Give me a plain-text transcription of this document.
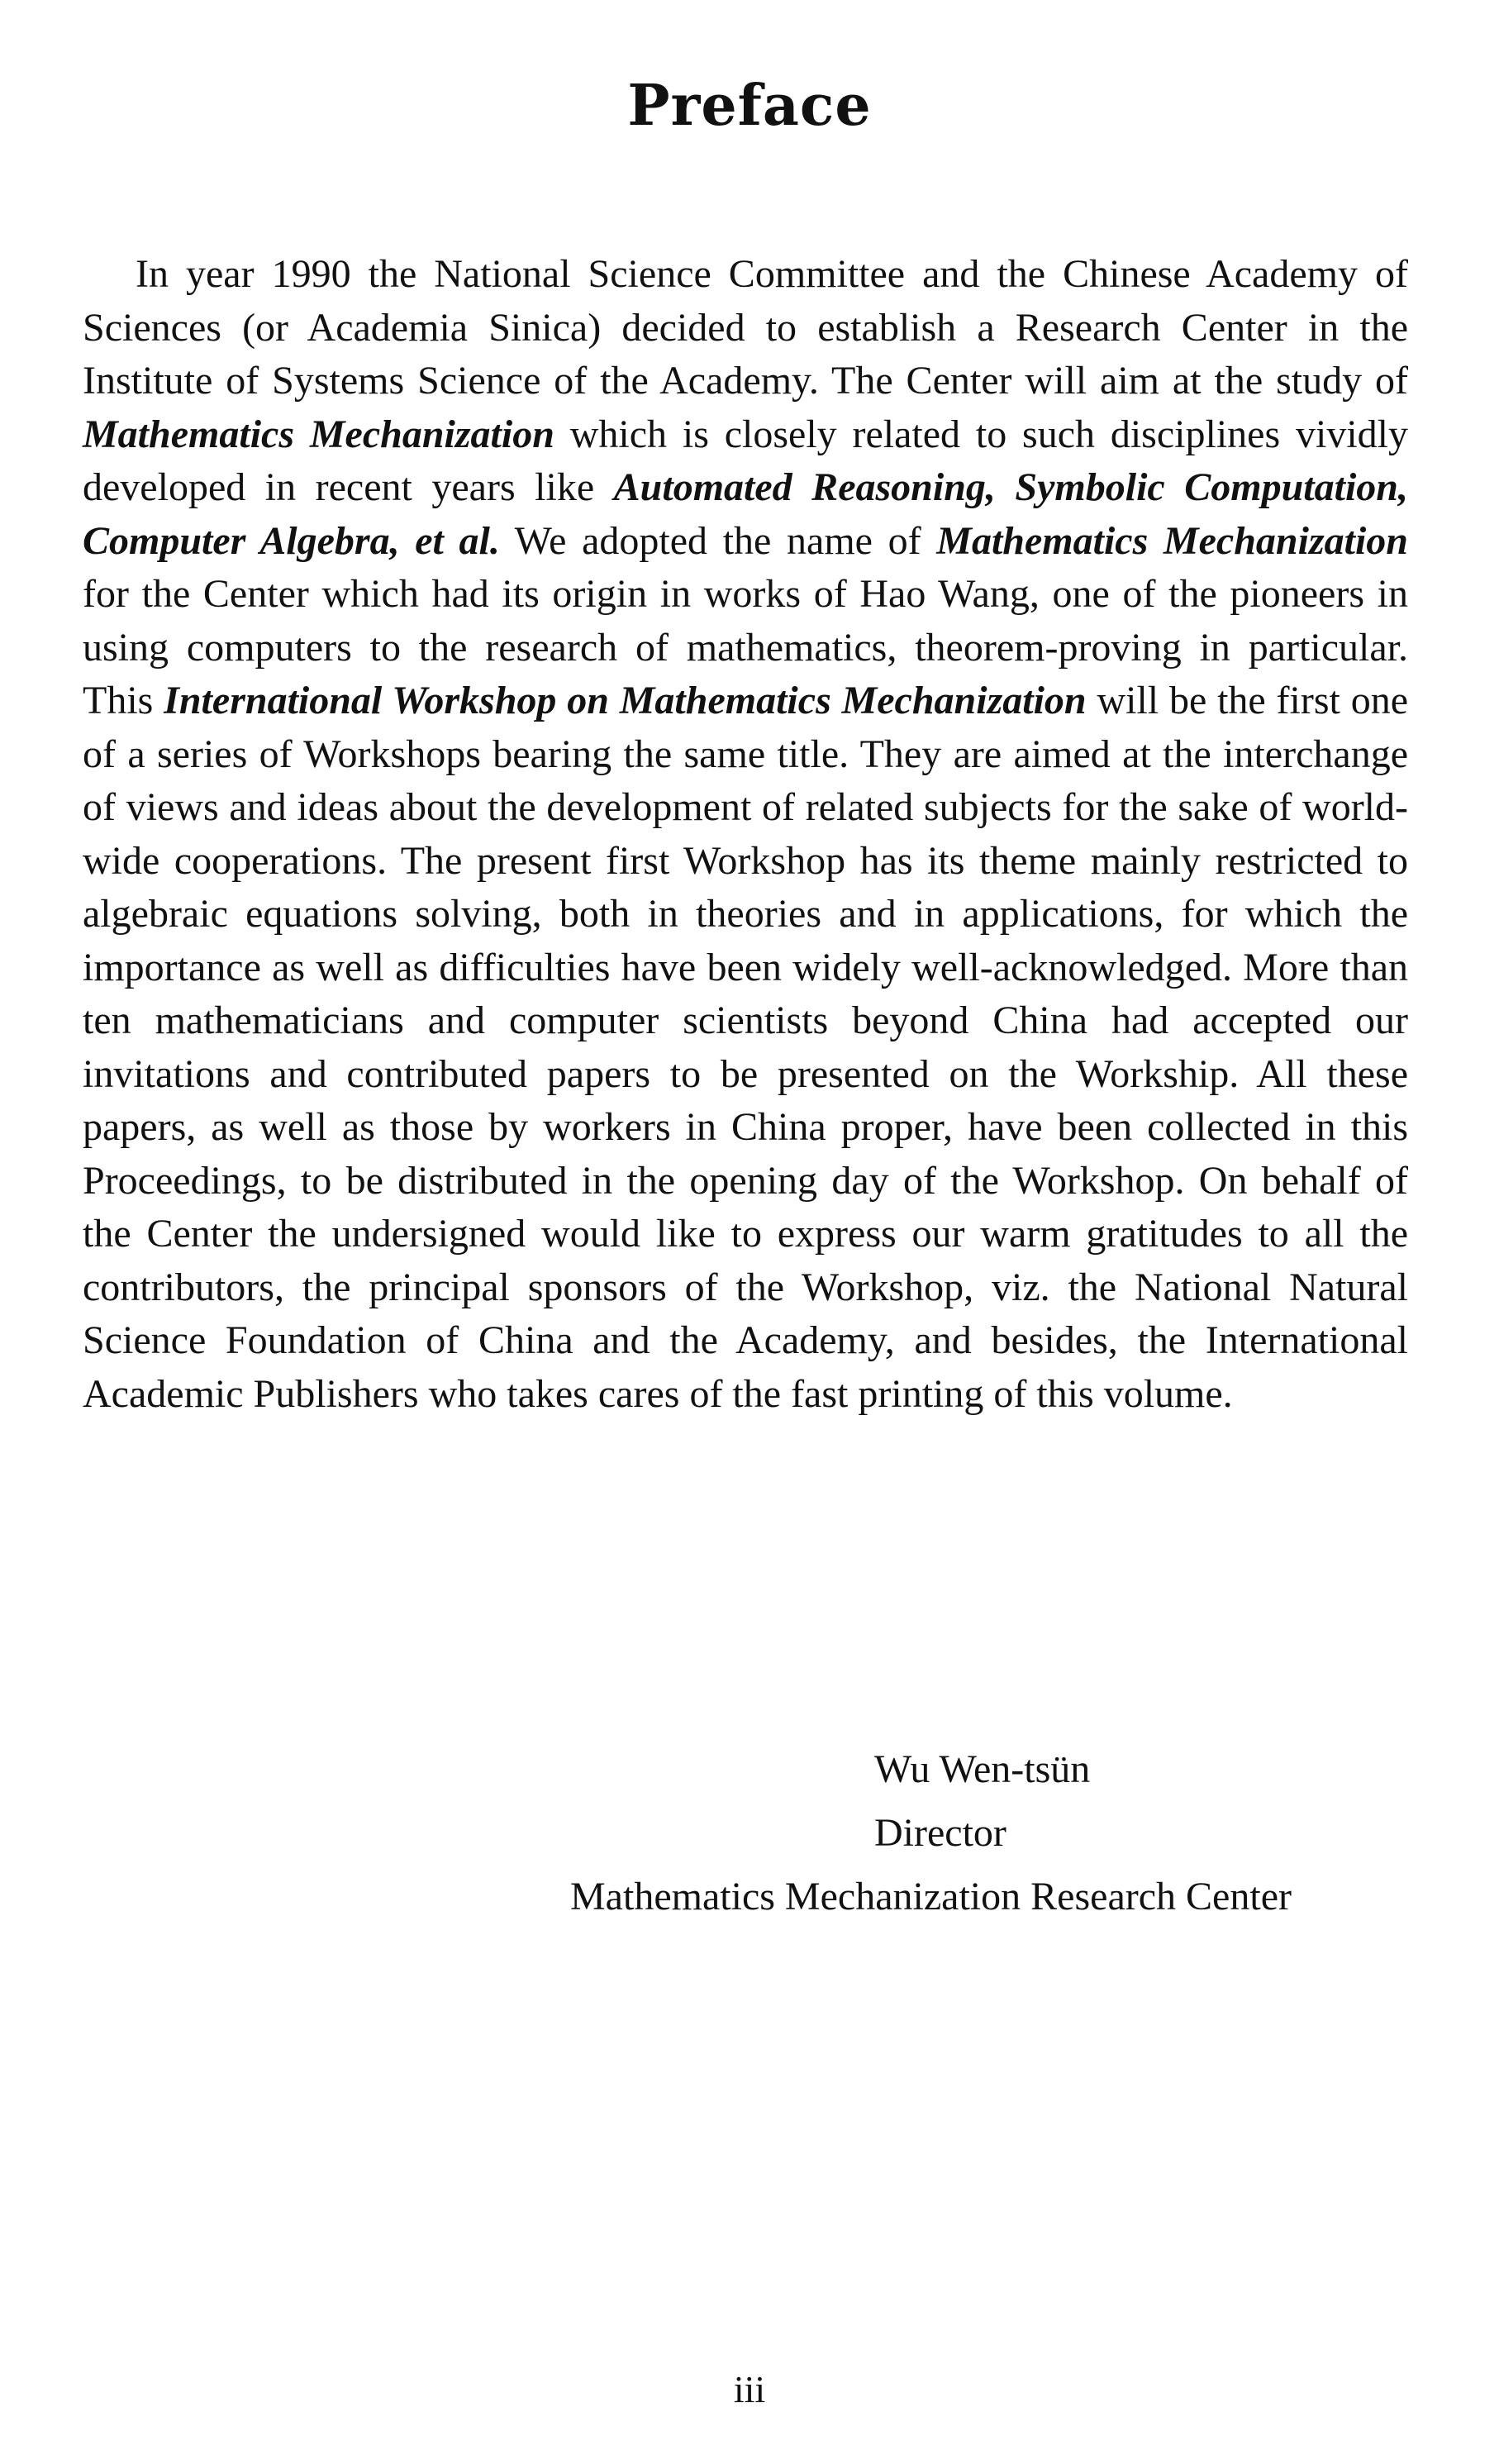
Preface

In year 1990 the National Science Committee and the Chinese Academy of Sciences (or Academia Sinica) decided to establish a Research Center in the Institute of Systems Science of the Academy. The Center will aim at the study of Mathematics Mechanization which is closely related to such disciplines vividly developed in recent years like Automated Reasoning, Symbolic Computation, Computer Algebra, et al. We adopted the name of Mathematics Mechanization for the Center which had its origin in works of Hao Wang, one of the pioneers in using computers to the research of mathematics, theorem-proving in particular. This International Workshop on Mathematics Mechanization will be the first one of a series of Workshops bearing the same title. They are aimed at the interchange of views and ideas about the development of related subjects for the sake of world-wide cooperations. The present first Workshop has its theme mainly restricted to algebraic equations solving, both in theories and in applications, for which the importance as well as difficulties have been widely well-acknowledged. More than ten mathematicians and computer scientists beyond China had accepted our invitations and contributed papers to be presented on the Workship. All these papers, as well as those by workers in China proper, have been collected in this Proceedings, to be distributed in the opening day of the Workshop. On behalf of the Center the undersigned would like to express our warm gratitudes to all the contributors, the principal sponsors of the Workshop, viz. the National Natural Science Foundation of China and the Academy, and besides, the International Academic Publishers who takes cares of the fast printing of this volume.

Wu Wen-tsün
Director
Mathematics Mechanization Research Center
iii
